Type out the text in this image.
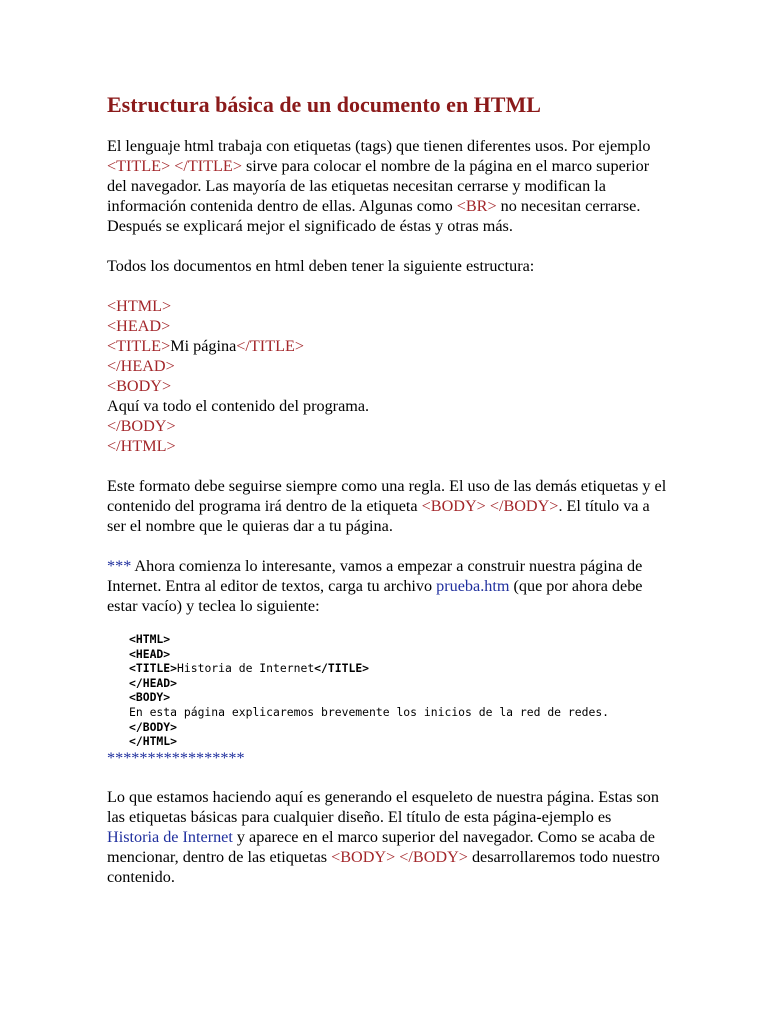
Estructura básica de un documento en HTML

El lenguaje html trabaja con etiquetas (tags) que tienen diferentes usos. Por ejemplo <TITLE> </TITLE> sirve para colocar el nombre de la página en el marco superior del navegador. Las mayoría de las etiquetas necesitan cerrarse y modifican la información contenida dentro de ellas. Algunas como <BR> no necesitan cerrarse. Después se explicará mejor el significado de éstas y otras más.

Todos los documentos en html deben tener la siguiente estructura:

<HTML>
<HEAD>
<TITLE>Mi página</TITLE>
</HEAD>
<BODY>
Aquí va todo el contenido del programa.
</BODY>
</HTML>

Este formato debe seguirse siempre como una regla. El uso de las demás etiquetas y el contenido del programa irá dentro de la etiqueta <BODY> </BODY>. El título va a ser el nombre que le quieras dar a tu página.

*** Ahora comienza lo interesante, vamos a empezar a construir nuestra página de Internet. Entra al editor de textos, carga tu archivo prueba.htm (que por ahora debe estar vacío) y teclea lo siguiente:

<HTML>
<HEAD>
<TITLE>Historia de Internet</TITLE>
</HEAD>
<BODY>
En esta página explicaremos brevemente los inicios de la red de redes.
</BODY>
</HTML>
*****************

Lo que estamos haciendo aquí es generando el esqueleto de nuestra página. Estas son las etiquetas básicas para cualquier diseño. El título de esta página-ejemplo es Historia de Internet y aparece en el marco superior del navegador. Como se acaba de mencionar, dentro de las etiquetas <BODY> </BODY> desarrollaremos todo nuestro contenido.
